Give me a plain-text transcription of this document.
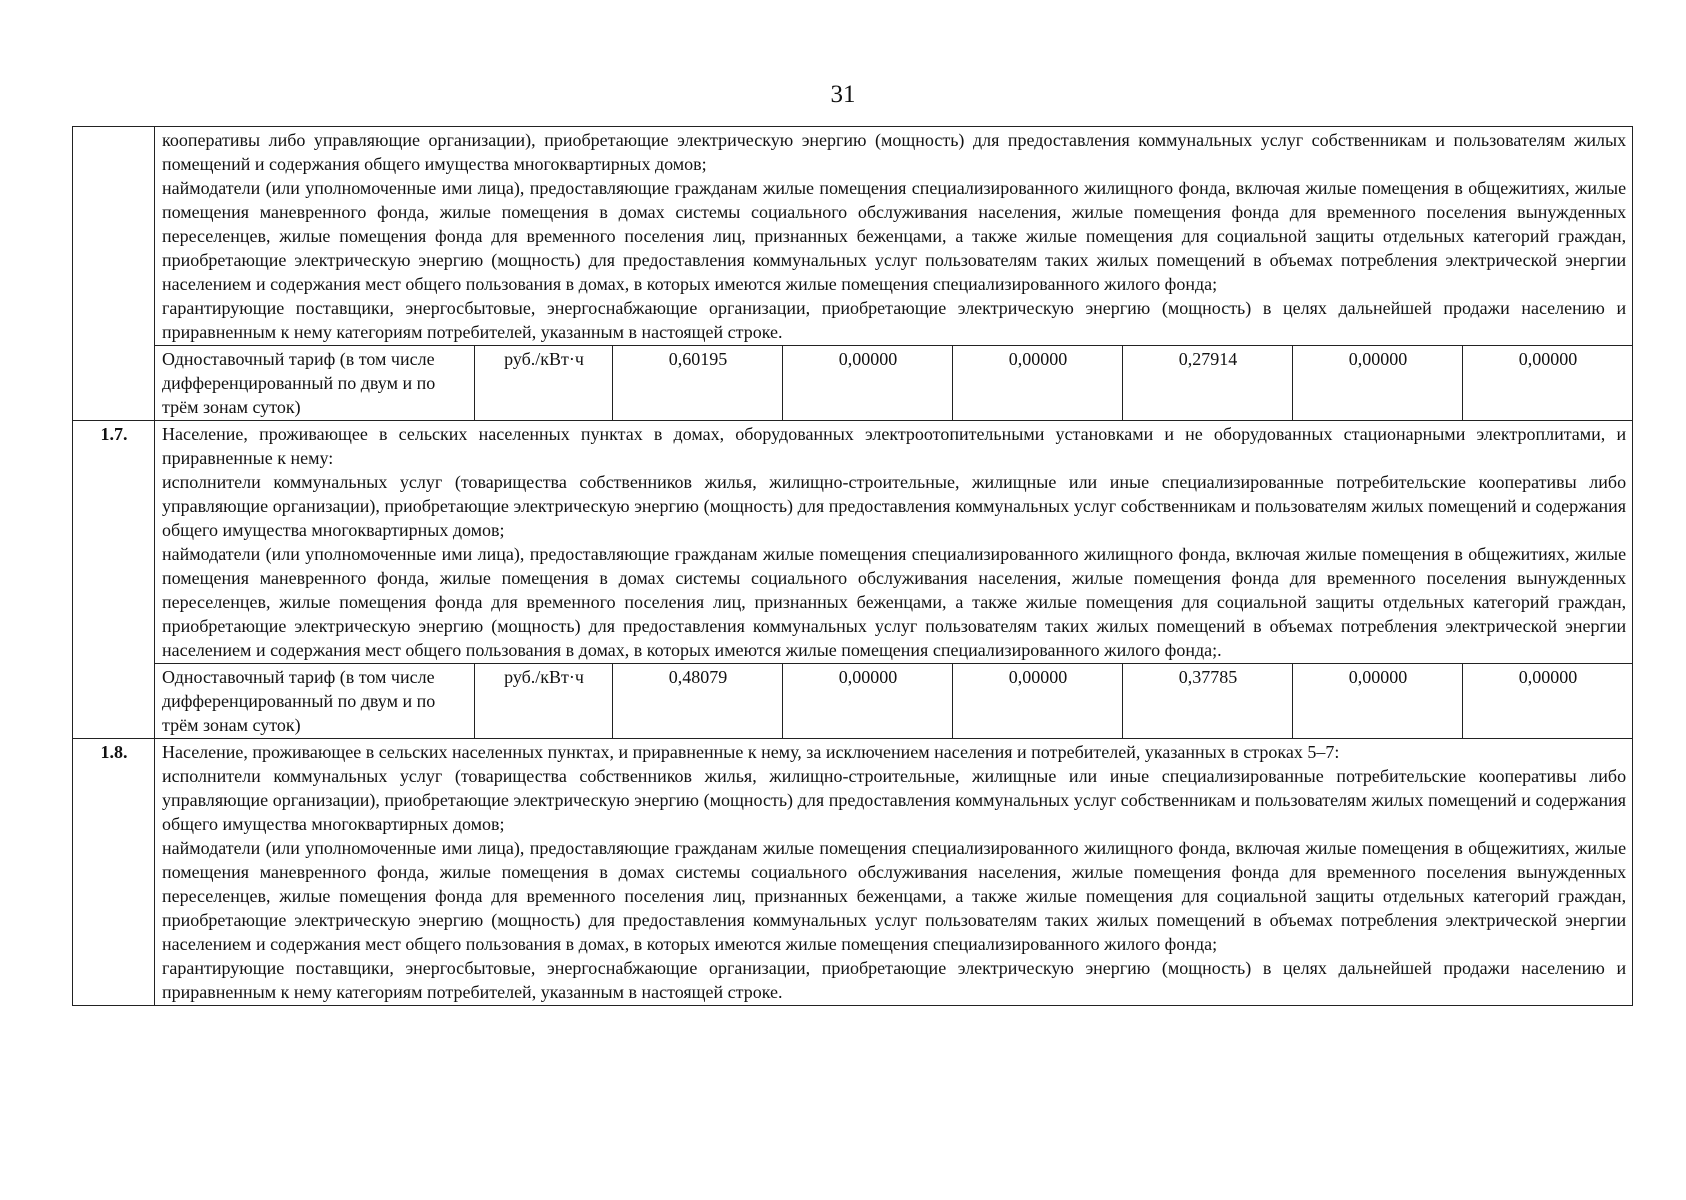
31

	кооперативы либо управляющие организации), приобретающие электрическую энергию (мощность) для предоставления коммунальных услуг собственникам и пользователям жилых помещений и содержания общего имущества многоквартирных домов;

наймодатели (или уполномоченные ими лица), предоставляющие гражданам жилые помещения специализированного жилищного фонда, включая жилые помещения в общежитиях, жилые помещения маневренного фонда, жилые помещения в домах системы социального обслуживания населения, жилые помещения фонда для временного поселения вынужденных переселенцев, жилые помещения фонда для временного поселения лиц, признанных беженцами, а также жилые помещения для социальной защиты отдельных категорий граждан, приобретающие электрическую энергию (мощность) для предоставления коммунальных услуг пользователям таких жилых помещений в объемах потребления электрической энергии населением и содержания мест общего пользования в домах, в которых имеются жилые помещения специализированного жилого фонда;

гарантирующие поставщики, энергосбытовые, энергоснабжающие организации, приобретающие электрическую энергию (мощность) в целях дальнейшей продажи населению и приравненным к нему категориям потребителей, указанным в настоящей строке.							

	Одноставочный тариф (в том числе дифференцированный по двум и по трём зонам суток)	руб./кВт·ч	0,60195	0,00000	0,00000	0,27914	0,00000	0,00000
1.7.	Население, проживающее в сельских населенных пунктах в домах, оборудованных электроотопительными установками и не оборудованных стационарными электроплитами, и приравненные к нему:

исполнители коммунальных услуг (товарищества собственников жилья, жилищно-строительные, жилищные или иные специализированные потребительские кооперативы либо управляющие организации), приобретающие электрическую энергию (мощность) для предоставления коммунальных услуг собственникам и пользователям жилых помещений и содержания общего имущества многоквартирных домов;

наймодатели (или уполномоченные ими лица), предоставляющие гражданам жилые помещения специализированного жилищного фонда, включая жилые помещения в общежитиях, жилые помещения маневренного фонда, жилые помещения в домах системы социального обслуживания населения, жилые помещения фонда для временного поселения вынужденных переселенцев, жилые помещения фонда для временного поселения лиц, признанных беженцами, а также жилые помещения для социальной защиты отдельных категорий граждан, приобретающие электрическую энергию (мощность) для предоставления коммунальных услуг пользователям таких жилых помещений в объемах потребления электрической энергии населением и содержания мест общего пользования в домах, в которых имеются жилые помещения специализированного жилого фонда;.							

	Одноставочный тариф (в том числе дифференцированный по двум и по трём зонам суток)	руб./кВт·ч	0,48079	0,00000	0,00000	0,37785	0,00000	0,00000
1.8.	Население, проживающее в сельских населенных пунктах, и приравненные к нему, за исключением населения и потребителей, указанных в строках 5–7:

исполнители коммунальных услуг (товарищества собственников жилья, жилищно-строительные, жилищные или иные специализированные потребительские кооперативы либо управляющие организации), приобретающие электрическую энергию (мощность) для предоставления коммунальных услуг собственникам и пользователям жилых помещений и содержания общего имущества многоквартирных домов;

наймодатели (или уполномоченные ими лица), предоставляющие гражданам жилые помещения специализированного жилищного фонда, включая жилые помещения в общежитиях, жилые помещения маневренного фонда, жилые помещения в домах системы социального обслуживания населения, жилые помещения фонда для временного поселения вынужденных переселенцев, жилые помещения фонда для временного поселения лиц, признанных беженцами, а также жилые помещения для социальной защиты отдельных категорий граждан, приобретающие электрическую энергию (мощность) для предоставления коммунальных услуг пользователям таких жилых помещений в объемах потребления электрической энергии населением и содержания мест общего пользования в домах, в которых имеются жилые помещения специализированного жилого фонда;

гарантирующие поставщики, энергосбытовые, энергоснабжающие организации, приобретающие электрическую энергию (мощность) в целях дальнейшей продажи населению и приравненным к нему категориям потребителей, указанным в настоящей строке.							
